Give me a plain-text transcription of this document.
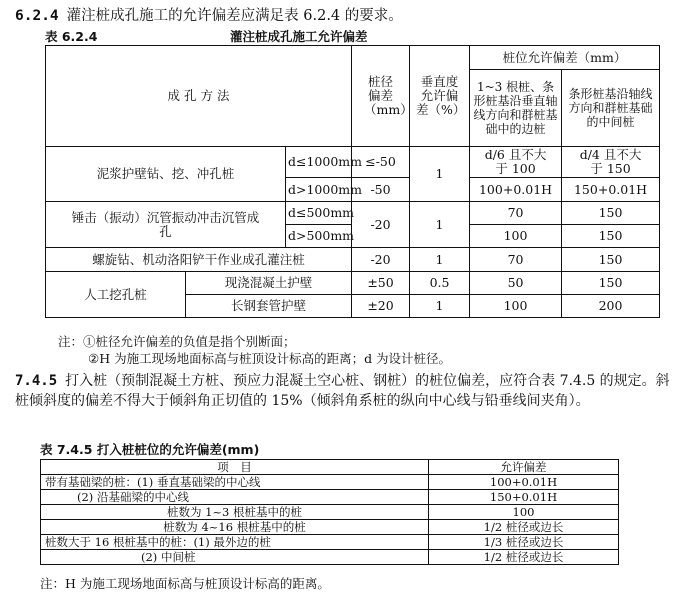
6.2.4 灌注桩成孔施工的允许偏差应满足表 6.2.4 的要求。
表 6.2.4	灌注桩成孔施工允许偏差
成 孔 方 法			桩径偏差（mm）	垂直度允许偏差（%）	桩位允许偏差（mm）	
					1~3 根桩、条形桩基沿垂直轴线方向和群桩基础中的边桩	条形桩基沿轴线方向和群桩基础的中间桩
泥浆护壁钻、挖、冲孔桩		d≤1000mm	≤-50	1	d/6 且不大于 100	d/4 且不大于 150
		d>1000mm	-50		100+0.01H	150+0.01H
锤击（振动）沉管振动冲击沉管成孔		d≤500mm	-20	1	70	150
		d>500mm			100	150
螺旋钻、机动洛阳铲干作业成孔灌注桩			-20	1	70	150
人工挖孔桩	现浇混凝土护壁		±50	0.5	50	150
	长钢套管护壁		±20	1	100	200
注：①桩径允许偏差的负值是指个别断面；
②H 为施工现场地面标高与桩顶设计标高的距离；d 为设计桩径。
7.4.5 打入桩（预制混凝土方桩、预应力混凝土空心桩、钢桩）的桩位偏差，应符合表 7.4.5 的规定。斜桩倾斜度的偏差不得大于倾斜角正切值的 15%（倾斜角系桩的纵向中心线与铅垂线间夹角）。
表 7.4.5 打入桩桩位的允许偏差(mm)
项　目	允许偏差
带有基础梁的桩：(1) 垂直基础梁的中心线	100+0.01H
(2) 沿基础梁的中心线	150+0.01H
桩数为 1~3 根桩基中的桩	100
桩数为 4~16 根桩基中的桩	1/2 桩径或边长
桩数大于 16 根桩基中的桩：(1) 最外边的桩	1/3 桩径或边长
(2) 中间桩	1/2 桩径或边长
注：H 为施工现场地面标高与桩顶设计标高的距离。
